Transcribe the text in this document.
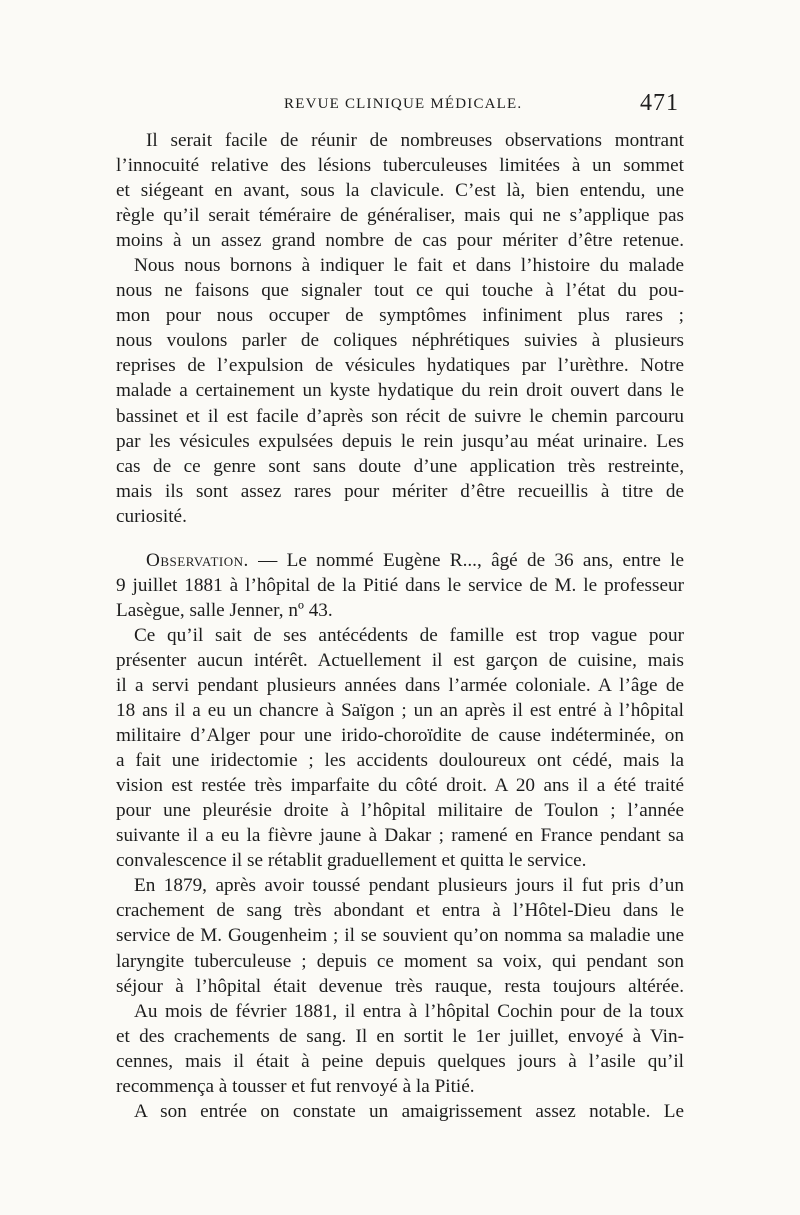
REVUE CLINIQUE MÉDICALE.	471
Il serait facile de réunir de nombreuses observations montrant
l’innocuité relative des lésions tuberculeuses limitées à un sommet
et siégeant en avant, sous la clavicule. C’est là, bien entendu, une
règle qu’il serait téméraire de généraliser, mais qui ne s’applique pas
moins à un assez grand nombre de cas pour mériter d’être retenue.
Nous nous bornons à indiquer le fait et dans l’histoire du malade
nous ne faisons que signaler tout ce qui touche à l’état du pou-
mon pour nous occuper de symptômes infiniment plus rares ;
nous voulons parler de coliques néphrétiques suivies à plusieurs
reprises de l’expulsion de vésicules hydatiques par l’urèthre. Notre
malade a certainement un kyste hydatique du rein droit ouvert dans le
bassinet et il est facile d’après son récit de suivre le chemin parcouru
par les vésicules expulsées depuis le rein jusqu’au méat urinaire. Les
cas de ce genre sont sans doute d’une application très restreinte,
mais ils sont assez rares pour mériter d’être recueillis à titre de
curiosité.
Observation. — Le nommé Eugène R..., âgé de 36 ans, entre le
9 juillet 1881 à l’hôpital de la Pitié dans le service de M. le professeur
Lasègue, salle Jenner, nº 43.
Ce qu’il sait de ses antécédents de famille est trop vague pour
présenter aucun intérêt. Actuellement il est garçon de cuisine, mais
il a servi pendant plusieurs années dans l’armée coloniale. A l’âge de
18 ans il a eu un chancre à Saïgon ; un an après il est entré à l’hôpital
militaire d’Alger pour une irido-choroïdite de cause indéterminée, on
a fait une iridectomie ; les accidents douloureux ont cédé, mais la
vision est restée très imparfaite du côté droit. A 20 ans il a été traité
pour une pleurésie droite à l’hôpital militaire de Toulon ; l’année
suivante il a eu la fièvre jaune à Dakar ; ramené en France pendant sa
convalescence il se rétablit graduellement et quitta le service.
En 1879, après avoir toussé pendant plusieurs jours il fut pris d’un
crachement de sang très abondant et entra à l’Hôtel-Dieu dans le
service de M. Gougenheim ; il se souvient qu’on nomma sa maladie une
laryngite tuberculeuse ; depuis ce moment sa voix, qui pendant son
séjour à l’hôpital était devenue très rauque, resta toujours altérée.
Au mois de février 1881, il entra à l’hôpital Cochin pour de la toux
et des crachements de sang. Il en sortit le 1er juillet, envoyé à Vin-
cennes, mais il était à peine depuis quelques jours à l’asile qu’il
recommença à tousser et fut renvoyé à la Pitié.
A son entrée on constate un amaigrissement assez notable. Le
